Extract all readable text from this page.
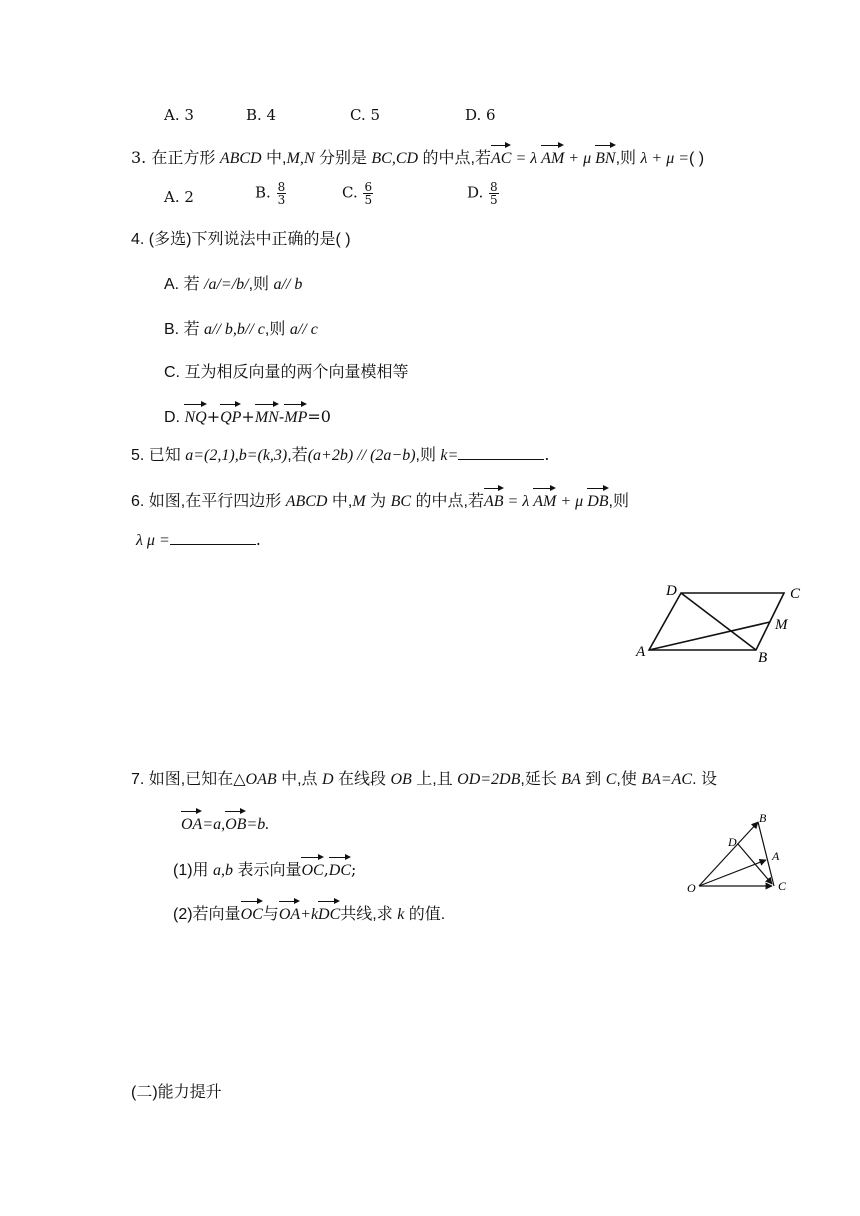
A. 3	B. 4	C. 5	D. 6
3. 在正方形 ABCD 中,M,N 分别是 BC,CD 的中点,若AC = λ AM + μ BN,则 λ + μ =( )
A. 2	B. $\frac{8}{3}$	C. $\frac{6}{5}$	D. $\frac{8}{5}$
4. (多选)下列说法中正确的是( )
A. 若 /a/=/b/,则 a// b
B. 若 a// b,b// c,则 a// c
C. 互为相反向量的两个向量模相等
D. NQ+QP+MN-MP=0
5. 已知 a=(2,1),b=(k,3),若(a+2b) // (2a−b),则 k=	.
6. 如图,在平行四边形 ABCD 中,M 为 BC 的中点,若AB = λ AM + μ DB,则
λ μ =	.
D	C
M
A	B
7. 如图,已知在△OAB 中,点 D 在线段 OB 上,且 OD=2DB,延长 BA 到 C,使 BA=AC. 设
OA=a,OB=b.
(1)用 a,b 表示向量OC,DC;
(2)若向量OC与OA+kDC共线,求 k 的值.
B
D
A
O	C
(二)能力提升
